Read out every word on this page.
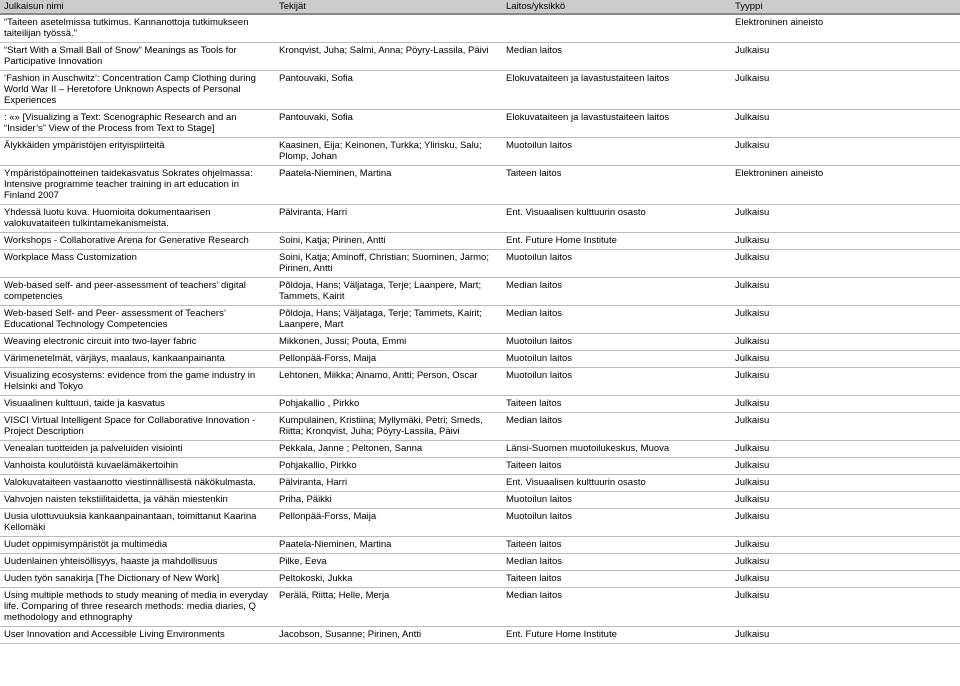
Julkaisun nimi	Tekijät	Laitos/yksikkö	Tyyppi
“Taiteen asetelmissa tutkimus. Kannanottoja tutkimukseen taiteilijan työssä.”			Elektroninen aineisto
“Start With a Small Ball of Snow” Meanings as Tools for Participative Innovation	Kronqvist, Juha; Salmi, Anna; Pöyry-Lassila, Päivi	Median laitos	Julkaisu
‘Fashion in Auschwitz’: Concentration Camp Clothing during World War II – Heretofore Unknown Aspects of Personal Experiences	Pantouvaki, Sofia	Elokuvataiteen ja lavastustaiteen laitos	Julkaisu
: «» [Visualizing a Text: Scenographic Research and an “Insider’s” View of the Process from Text to Stage]	Pantouvaki, Sofia	Elokuvataiteen ja lavastustaiteen laitos	Julkaisu
Älykkäiden ympäristöjen erityispiirteitä	Kaasinen, Eija; Keinonen, Turkka; Ylirisku, Salu; Plomp, Johan	Muotoilun laitos	Julkaisu
Ympäristöpainotteinen taidekasvatus Sokrates ohjelmassa: Intensive programme teacher training in art education in Finland 2007	Paatela-Nieminen, Martina	Taiteen laitos	Elektroninen aineisto
Yhdessä luotu kuva. Huomioita dokumentaarisen valokuvataiteen tulkintamekanismeista.	Pälviranta, Harri	Ent. Visuaalisen kulttuurin osasto	Julkaisu
Workshops - Collaborative Arena for Generative Research	Soini, Katja; Pirinen, Antti	Ent. Future Home Institute	Julkaisu
Workplace Mass Customization	Soini, Katja; Aminoff, Christian; Suominen, Jarmo; Pirinen, Antti	Muotoilun laitos	Julkaisu
Web-based self- and peer-assessment of teachers’ digital competencies	Põldoja, Hans; Väljataga, Terje; Laanpere, Mart; Tammets, Kairit	Median laitos	Julkaisu
Web-based Self- and Peer- assessment of Teachers’ Educational Technology Competencies	Põldoja, Hans; Väljataga, Terje; Tammets, Kairit; Laanpere, Mart	Median laitos	Julkaisu
Weaving electronic circuit into two-layer fabric	Mikkonen, Jussi; Pouta, Emmi	Muotoilun laitos	Julkaisu
Värimenetelmät, värjäys, maalaus, kankaanpainanta	Pellonpää-Forss, Maija	Muotoilun laitos	Julkaisu
Visualizing ecosystems: evidence from the game industry in Helsinki and Tokyo	Lehtonen, Miikka; Ainamo, Antti; Person, Oscar	Muotoilun laitos	Julkaisu
Visuaalinen kulttuuri, taide ja kasvatus	Pohjakallio , Pirkko	Taiteen laitos	Julkaisu
VISCI Virtual Intelligent Space for Collaborative Innovation - Project Description	Kumpulainen, Kristiina; Myllymäki, Petri; Smeds, Riitta; Kronqvist, Juha; Pöyry-Lassila, Päivi	Median laitos	Julkaisu
Venealan tuotteiden ja palveluiden visiointi	Pekkala, Janne ; Peltonen, Sanna	Länsi-Suomen muotoilukeskus, Muova	Julkaisu
Vanhoista koulutöistä kuvaelämäkertoihin	Pohjakallio, Pirkko	Taiteen laitos	Julkaisu
Valokuvataiteen vastaanotto viestinnällisestä näkökulmasta.	Pälviranta, Harri	Ent. Visuaalisen kulttuurin osasto	Julkaisu
Vahvojen naisten tekstiilitaidetta, ja vähän miestenkin	Priha, Päikki	Muotoilun laitos	Julkaisu
Uusia ulottuvuuksia kankaanpainantaan, toimittanut Kaarina Kellomäki	Pellonpää-Forss, Maija	Muotoilun laitos	Julkaisu
Uudet oppimisympäristöt ja multimedia	Paatela-Nieminen, Martina	Taiteen laitos	Julkaisu
Uudenlainen yhteisöllisyys, haaste ja mahdollisuus	Pilke, Eeva	Median laitos	Julkaisu
Uuden työn sanakirja [The Dictionary of New Work]	Peltokoski, Jukka	Taiteen laitos	Julkaisu
Using multiple methods to study meaning of media in everyday life. Comparing of three research methods: media diaries, Q methodology and ethnography	Perälä, Riitta; Helle, Merja	Median laitos	Julkaisu
User Innovation and Accessible Living Environments	Jacobson, Susanne; Pirinen, Antti	Ent. Future Home Institute	Julkaisu
